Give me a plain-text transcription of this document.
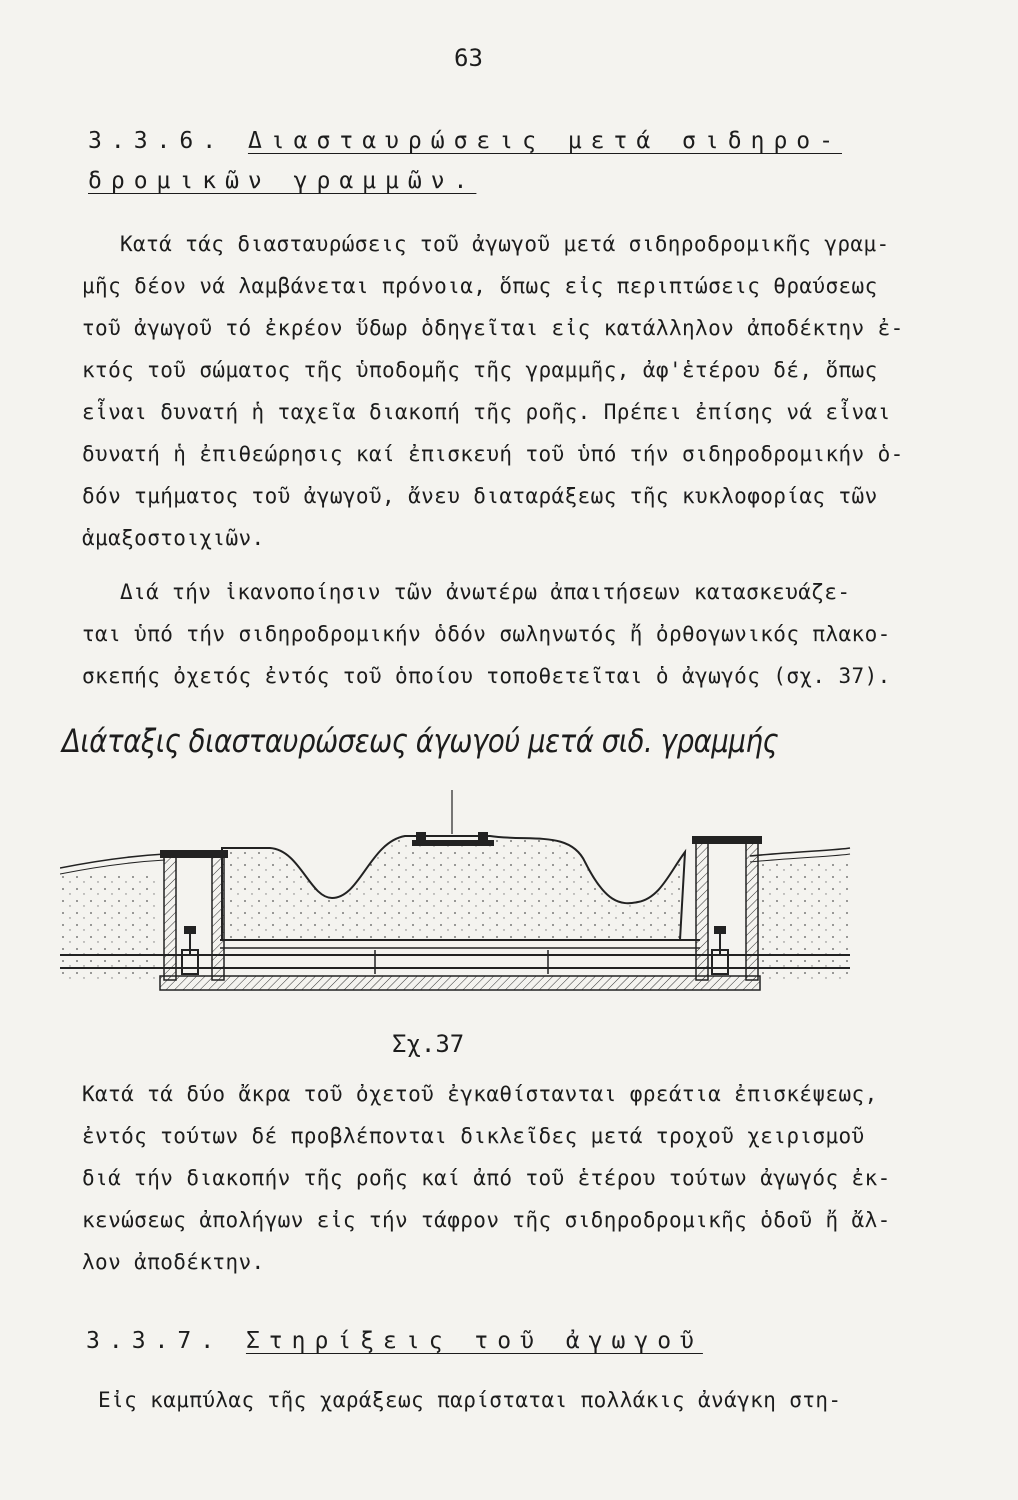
63
3.3.6. Διασταυρώσεις μετά σιδηρο-
δρομικῶν γραμμῶν.
Κατά τάς διασταυρώσεις τοῦ ἀγωγοῦ μετά σιδηροδρομικῆς γραμ-
μῆς δέον νά λαμβάνεται πρόνοια, ὅπως εἰς περιπτώσεις θραύσεως
τοῦ ἀγωγοῦ τό ἐκρέον ὕδωρ ὁδηγεῖται εἰς κατάλληλον ἀποδέκτην ἐ-
κτός τοῦ σώματος τῆς ὑποδομῆς τῆς γραμμῆς, ἀφ'ἑτέρου δέ, ὅπως
εἶναι δυνατή ἡ ταχεῖα διακοπή τῆς ροῆς. Πρέπει ἐπίσης νά εἶναι
δυνατή ἡ ἐπιθεώρησις καί ἐπισκευή τοῦ ὑπό τήν σιδηροδρομικήν ὁ-
δόν τμήματος τοῦ ἀγωγοῦ, ἄνευ διαταράξεως τῆς κυκλοφορίας τῶν
ἁμαξοστοιχιῶν.
Διά τήν ἱκανοποίησιν τῶν ἀνωτέρω ἀπαιτήσεων κατασκευάζε-
ται ὑπό τήν σιδηροδρομικήν ὁδόν σωληνωτός ἤ ὀρθογωνικός πλακο-
σκεπής ὀχετός ἐντός τοῦ ὁποίου τοποθετεῖται ὁ ἀγωγός (σχ. 37).
Διάταξις διασταυρώσεως άγωγού μετά σιδ. γραμμής
Σχ.37
Κατά τά δύο ἄκρα τοῦ ὀχετοῦ ἐγκαθίστανται φρεάτια ἐπισκέψεως,
ἐντός τούτων δέ προβλέπονται δικλεῖδες μετά τροχοῦ χειρισμοῦ
διά τήν διακοπήν τῆς ροῆς καί ἀπό τοῦ ἑτέρου τούτων ἀγωγός ἐκ-
κενώσεως ἀπολήγων εἰς τήν τάφρον τῆς σιδηροδρομικῆς ὁδοῦ ἤ ἄλ-
λον ἀποδέκτην.
3.3.7. Στηρίξεις τοῦ ἀγωγοῦ
Εἰς καμπύλας τῆς χαράξεως παρίσταται πολλάκις ἀνάγκη στη-
